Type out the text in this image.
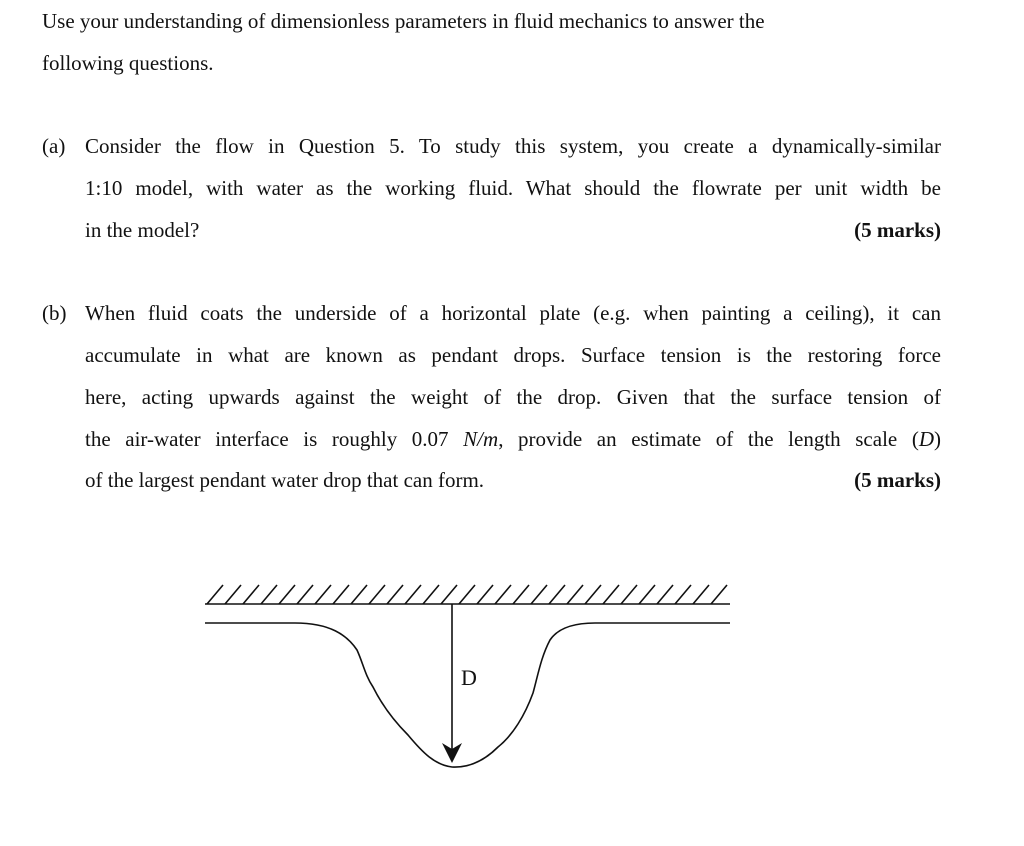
Use your understanding of dimensionless parameters in fluid mechanics to answer the
following questions.
(a) Consider the flow in Question 5. To study this system, you create a dynamically-similar
1:10 model, with water as the working fluid. What should the flowrate per unit width be
in the model?	(5 marks)
(b) When fluid coats the underside of a horizontal plate (e.g. when painting a ceiling), it can
accumulate in what are known as pendant drops. Surface tension is the restoring force
here, acting upwards against the weight of the drop. Given that the surface tension of
the air-water interface is roughly 0.07 N/m, provide an estimate of the length scale (D)
of the largest pendant water drop that can form.	(5 marks)
D
